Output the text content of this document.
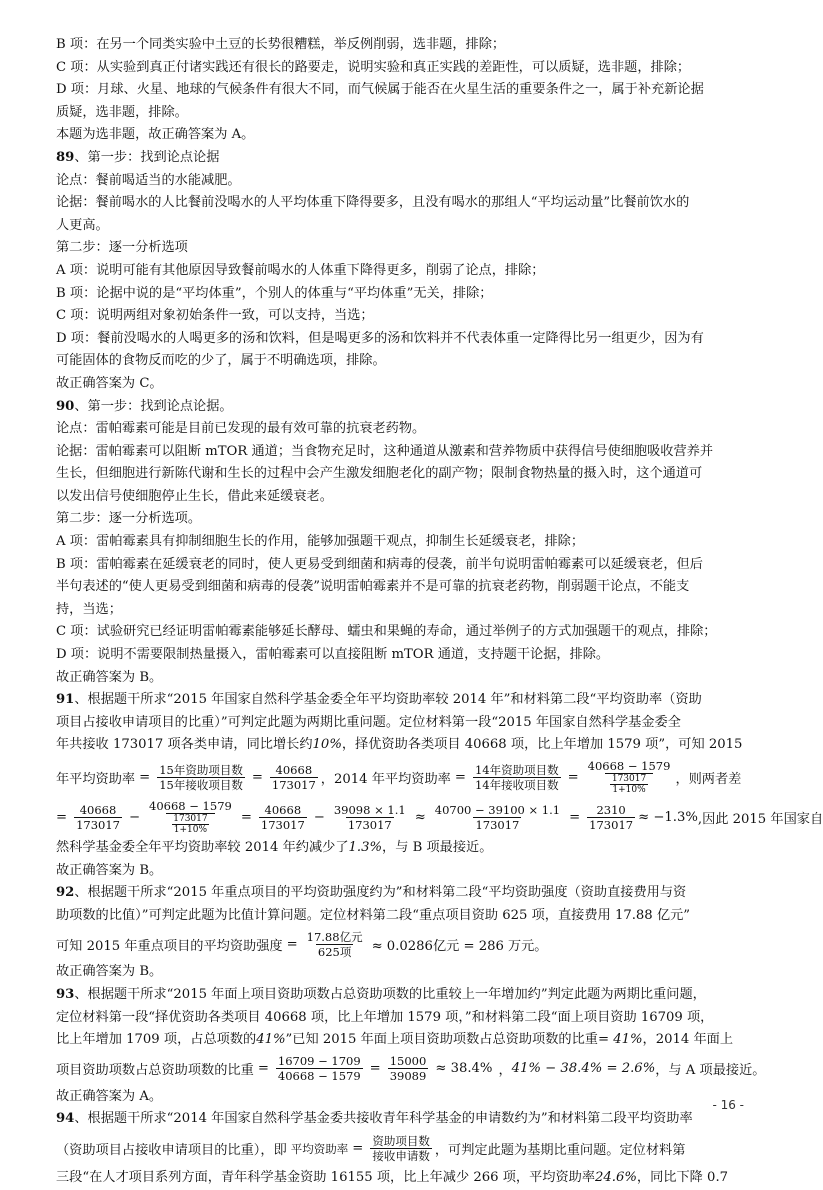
B 项：在另一个同类实验中土豆的长势很糟糕，举反例削弱，选非题，排除；

C 项：从实验到真正付诸实践还有很长的路要走，说明实验和真正实践的差距性，可以质疑，选非题，排除；

D 项：月球、火星、地球的气候条件有很大不同，而气候属于能否在火星生活的重要条件之一，属于补充新论据

质疑，选非题，排除。

本题为选非题，故正确答案为 A。

89、第一步：找到论点论据

论点：餐前喝适当的水能减肥。

论据：餐前喝水的人比餐前没喝水的人平均体重下降得要多，且没有喝水的那组人“平均运动量”比餐前饮水的

人更高。

第二步：逐一分析选项

A 项：说明可能有其他原因导致餐前喝水的人体重下降得更多，削弱了论点，排除；

B 项：论据中说的是“平均体重”，个别人的体重与“平均体重”无关，排除；

C 项：说明两组对象初始条件一致，可以支持，当选；

D 项：餐前没喝水的人喝更多的汤和饮料，但是喝更多的汤和饮料并不代表体重一定降得比另一组更少，因为有

可能固体的食物反而吃的少了，属于不明确选项，排除。

故正确答案为 C。

90、第一步：找到论点论据。

论点：雷帕霉素可能是目前已发现的最有效可靠的抗衰老药物。

论据：雷帕霉素可以阻断 mTOR 通道；当食物充足时，这种通道从激素和营养物质中获得信号使细胞吸收营养并

生长，但细胞进行新陈代谢和生长的过程中会产生激发细胞老化的副产物；限制食物热量的摄入时，这个通道可

以发出信号使细胞停止生长，借此来延缓衰老。

第二步：逐一分析选项。

A 项：雷帕霉素具有抑制细胞生长的作用，能够加强题干观点，抑制生长延缓衰老，排除；

B 项：雷帕霉素在延缓衰老的同时，使人更易受到细菌和病毒的侵袭，前半句说明雷帕霉素可以延缓衰老，但后

半句表述的“使人更易受到细菌和病毒的侵袭”说明雷帕霉素并不是可靠的抗衰老药物，削弱题干论点，不能支

持，当选；

C 项：试验研究已经证明雷帕霉素能够延长酵母、蠕虫和果蝇的寿命，通过举例子的方式加强题干的观点，排除；

D 项：说明不需要限制热量摄入，雷帕霉素可以直接阻断 mTOR 通道，支持题干论据，排除。

故正确答案为 B。

91、根据题干所求“2015 年国家自然科学基金委全年平均资助率较 2014 年”和材料第二段“平均资助率（资助

项目占接收申请项目的比重）”可判定此题为两期比重问题。定位材料第一段“2015 年国家自然科学基金委全

年共接收 173017 项各类申请，同比增长约10%，择优资助各类项目 40668 项，比上年增加 1579 项”，可知 2015

年平均资助率 = $\frac{\text{15年资助项目数}}{\text{15年接收项目数}} = \frac{40668}{173017}$ ，2014 年平均资助率 = $\frac{\text{14年资助项目数}}{\text{14年接收项目数}} = \frac{40668 - 1579}{\frac{173017}{1+10\%}}$ ，则两者差
= $\frac{40668}{173017} - \frac{40668 - 1579}{\frac{173017}{1+10\%}} = \frac{40668}{173017} - \frac{39098 \times 1.1}{173017} \approx \frac{40700 - 39100 \times 1.1}{173017} = \frac{2310}{173017} \approx -1.3\%$ ,因此 2015 年国家自

然科学基金委全年平均资助率较 2014 年约减少了1.3%，与 B 项最接近。

故正确答案为 B。

92、根据题干所求“2015 年重点项目的平均资助强度约为”和材料第二段“平均资助强度（资助直接费用与资

助项数的比值）”可判定此题为比值计算问题。定位材料第二段“重点项目资助 625 项，直接费用 17.88 亿元”

可知 2015 年重点项目的平均资助强度 = $\frac{\text{17.88亿元}}{\text{625项}} \approx 0.0286$亿元 = 286 万元。

故正确答案为 B。

93、根据题干所求“2015 年面上项目资助项数占总资助项数的比重较上一年增加约”判定此题为两期比重问题，

定位材料第一段“择优资助各类项目 40668 项，比上年增加 1579 项，”和材料第二段“面上项目资助 16709 项，

比上年增加 1709 项，占总项数的41%”已知 2015 年面上项目资助项数占总资助项数的比重= 41%，2014 年面上

项目资助项数占总资助项数的比重 = $\frac{16709 - 1709}{40668 - 1579} = \frac{15000}{39089} \approx 38.4\%$ ， 41% − 38.4% = 2.6% ，与 A 项最接近。

故正确答案为 A。

94、根据题干所求“2014 年国家自然科学基金委共接收青年科学基金的申请数约为”和材料第二段平均资助率

（资助项目占接收申请项目的比重），即 平均资助率 = $\frac{\text{资助项目数}}{\text{接收申请数}}$ ，可判定此题为基期比重问题。定位材料第

三段“在人才项目系列方面，青年科学基金资助 16155 项，比上年减少 266 项，平均资助率24.6%，同比下降 0.7

- 16 -
